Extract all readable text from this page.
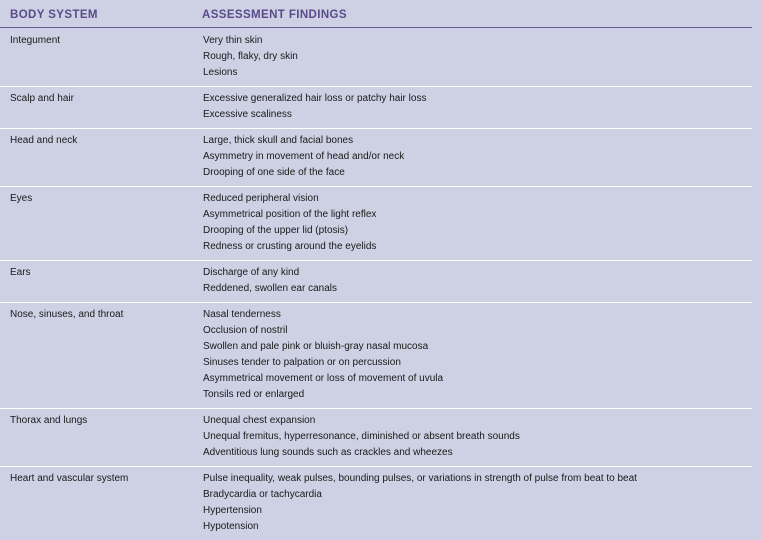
BODY SYSTEM	ASSESSMENT FINDINGS
Integument	Very thin skin
Rough, flaky, dry skin
Lesions
Scalp and hair	Excessive generalized hair loss or patchy hair loss
Excessive scaliness
Head and neck	Large, thick skull and facial bones
Asymmetry in movement of head and/or neck
Drooping of one side of the face
Eyes	Reduced peripheral vision
Asymmetrical position of the light reflex
Drooping of the upper lid (ptosis)
Redness or crusting around the eyelids
Ears	Discharge of any kind
Reddened, swollen ear canals
Nose, sinuses, and throat	Nasal tenderness
Occlusion of nostril
Swollen and pale pink or bluish-gray nasal mucosa
Sinuses tender to palpation or on percussion
Asymmetrical movement or loss of movement of uvula
Tonsils red or enlarged
Thorax and lungs	Unequal chest expansion
Unequal fremitus, hyperresonance, diminished or absent breath sounds
Adventitious lung sounds such as crackles and wheezes
Heart and vascular system	Pulse inequality, weak pulses, bounding pulses, or variations in strength of pulse from beat to beat
Bradycardia or tachycardia
Hypertension
Hypotension
